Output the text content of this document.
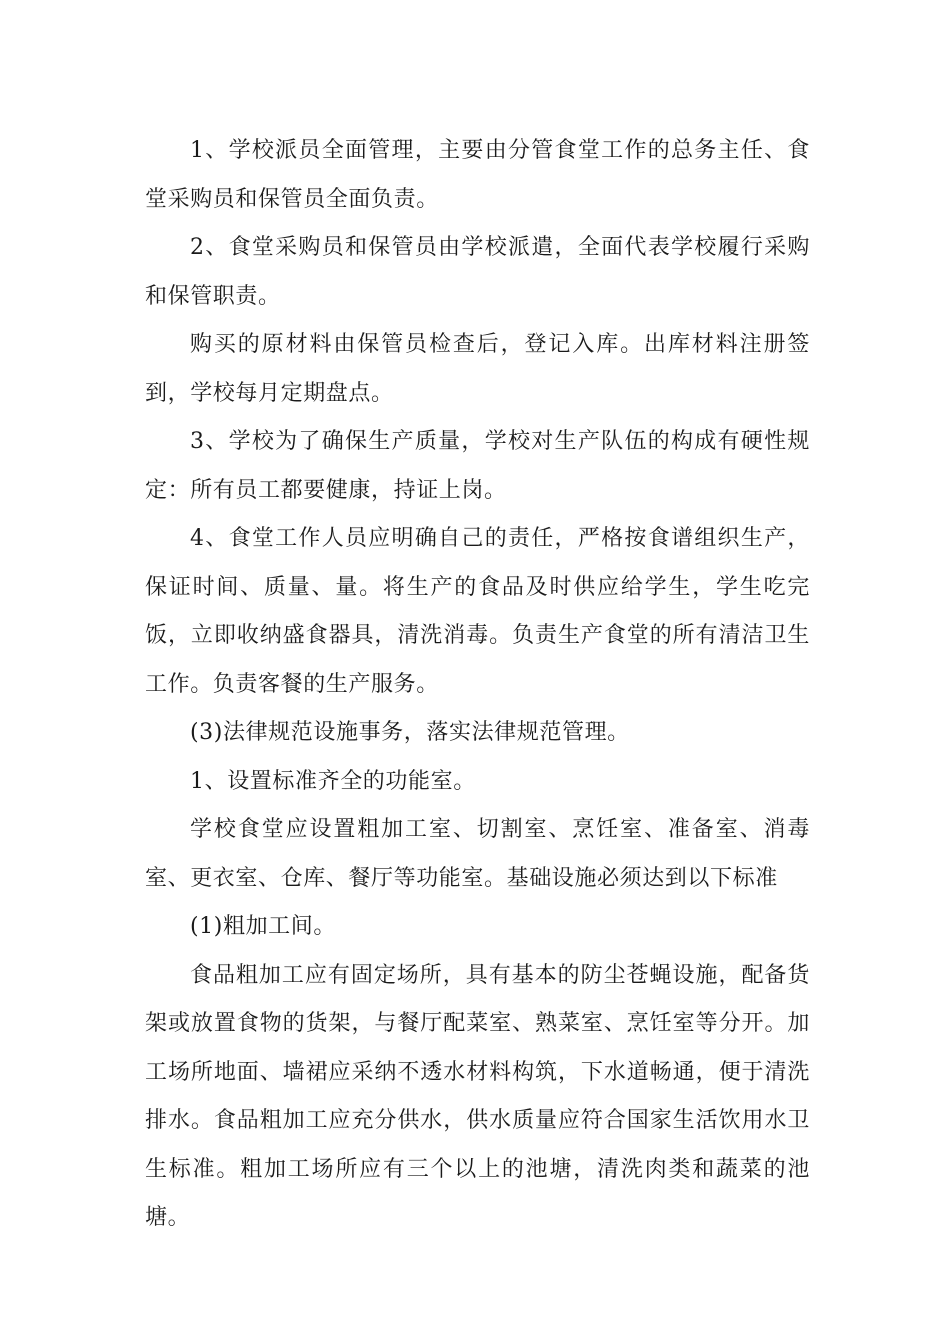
1、学校派员全面管理，主要由分管食堂工作的总务主任、食堂采购员和保管员全面负责。

2、食堂采购员和保管员由学校派遣，全面代表学校履行采购和保管职责。

购买的原材料由保管员检查后，登记入库。出库材料注册签到，学校每月定期盘点。

3、学校为了确保生产质量，学校对生产队伍的构成有硬性规定：所有员工都要健康，持证上岗。

4、食堂工作人员应明确自己的责任，严格按食谱组织生产，保证时间、质量、量。将生产的食品及时供应给学生，学生吃完饭，立即收纳盛食器具，清洗消毒。负责生产食堂的所有清洁卫生工作。负责客餐的生产服务。

(3)法律规范设施事务，落实法律规范管理。

1、设置标准齐全的功能室。

学校食堂应设置粗加工室、切割室、烹饪室、准备室、消毒室、更衣室、仓库、餐厅等功能室。基础设施必须达到以下标准

(1)粗加工间。

食品粗加工应有固定场所，具有基本的防尘苍蝇设施，配备货架或放置食物的货架，与餐厅配菜室、熟菜室、烹饪室等分开。加工场所地面、墙裙应采纳不透水材料构筑，下水道畅通，便于清洗排水。食品粗加工应充分供水，供水质量应符合国家生活饮用水卫生标准。粗加工场所应有三个以上的池塘，清洗肉类和蔬菜的池塘。
